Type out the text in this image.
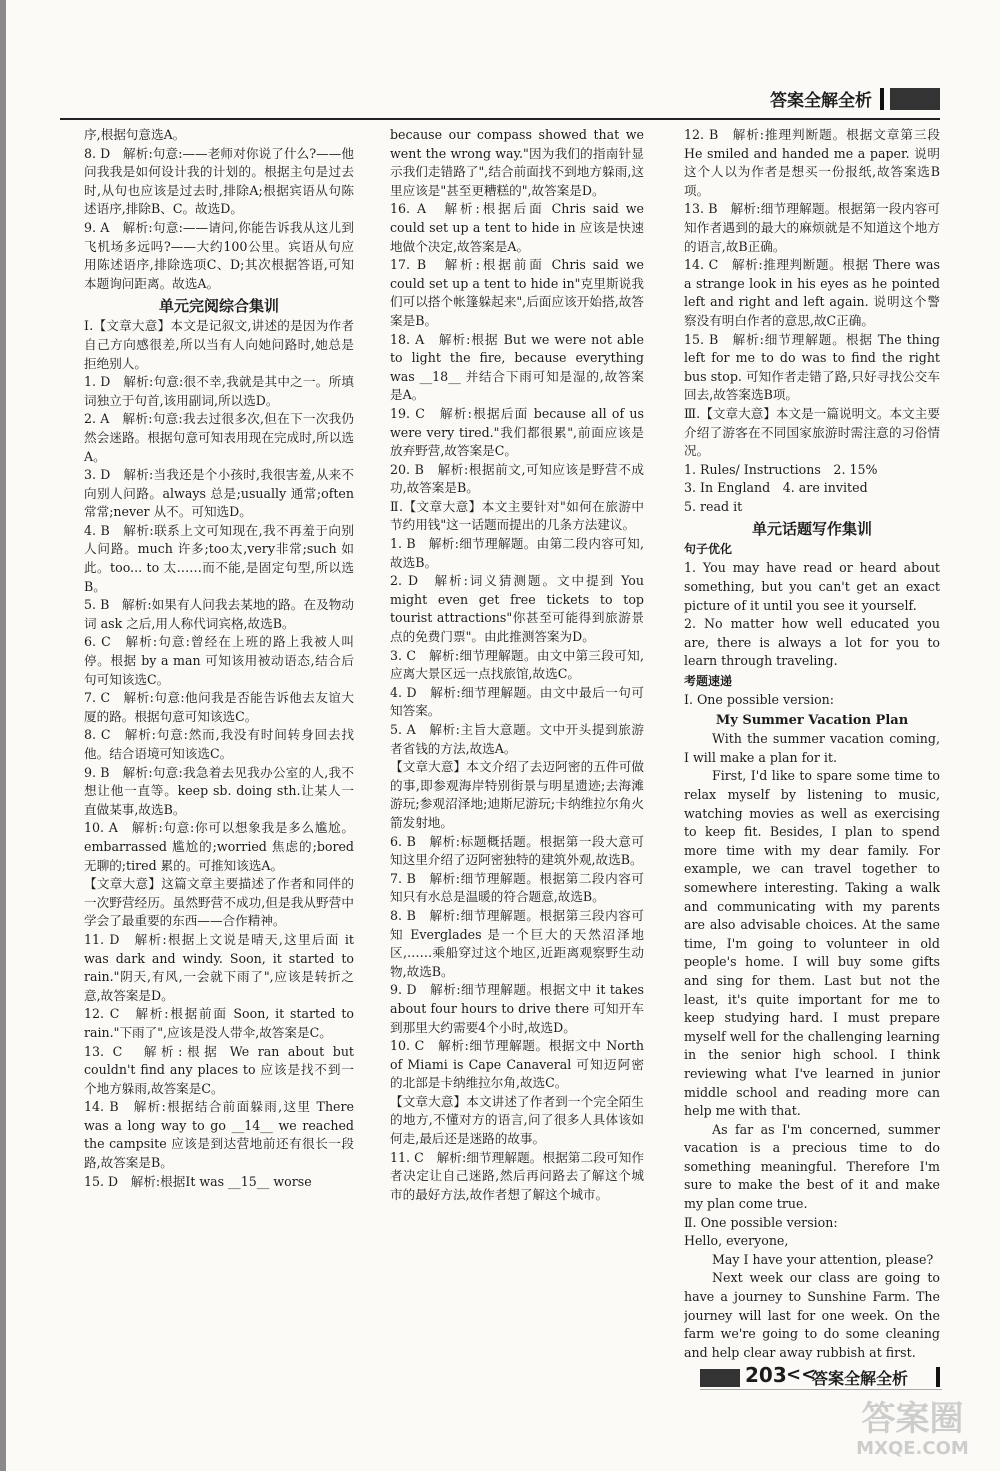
答案全解全析

序,根据句意选A。

8. D　解析:句意:——老师对你说了什么?——他问我我是如何设计我的计划的。根据主句是过去时,从句也应该是过去时,排除A;根据宾语从句陈述语序,排除B、C。故选D。

9. A　解析:句意:——请问,你能告诉我从这儿到飞机场多远吗?——大约100公里。宾语从句应用陈述语序,排除选项C、D;其次根据答语,可知本题询问距离。故选A。

单元完阅综合集训

Ⅰ.【文章大意】本文是记叙文,讲述的是因为作者自己方向感很差,所以当有人向她问路时,她总是拒绝别人。

1. D　解析:句意:很不幸,我就是其中之一。所填词独立于句首,该用副词,所以选D。

2. A　解析:句意:我去过很多次,但在下一次我仍然会迷路。根据句意可知表用现在完成时,所以选A。

3. D　解析:当我还是个小孩时,我很害羞,从来不向别人问路。always 总是;usually 通常;often 常常;never 从不。可知选D。

4. B　解析:联系上文可知现在,我不再羞于向别人问路。much 许多;too太,very非常;such 如此。too... to 太……而不能,是固定句型,所以选B。

5. B　解析:如果有人问我去某地的路。在及物动词 ask 之后,用人称代词宾格,故选B。

6. C　解析:句意:曾经在上班的路上我被人叫停。根据 by a man 可知该用被动语态,结合后句可知该选C。

7. C　解析:句意:他问我是否能告诉他去友谊大厦的路。根据句意可知该选C。

8. C　解析:句意:然而,我没有时间转身回去找他。结合语境可知该选C。

9. B　解析:句意:我急着去见我办公室的人,我不想让他一直等。keep sb. doing sth.让某人一直做某事,故选B。

10. A　解析:句意:你可以想象我是多么尴尬。embarrassed 尴尬的;worried 焦虑的;bored 无聊的;tired 累的。可推知该选A。

【文章大意】这篇文章主要描述了作者和同伴的一次野营经历。虽然野营不成功,但是我从野营中学会了最重要的东西——合作精神。

11. D　解析:根据上文说是晴天,这里后面 it was dark and windy. Soon, it started to rain."阴天,有风,一会就下雨了",应该是转折之意,故答案是D。

12. C　解析:根据前面 Soon, it started to rain."下雨了",应该是没人带伞,故答案是C。

13. C　解析:根据 We ran about but couldn't find any places to 应该是找不到一个地方躲雨,故答案是C。

14. B　解析:根据结合前面躲雨,这里 There was a long way to go __14__ we reached the campsite 应该是到达营地前还有很长一段路,故答案是B。

15. D　解析:根据It was __15__ worse

because our compass showed that we went the wrong way."因为我们的指南针显示我们走错路了",结合前面找不到地方躲雨,这里应该是"甚至更糟糕的",故答案是D。

16. A　解析:根据后面 Chris said we could set up a tent to hide in 应该是快速地做个决定,故答案是A。

17. B　解析:根据前面 Chris said we could set up a tent to hide in"克里斯说我们可以搭个帐篷躲起来",后面应该开始搭,故答案是B。

18. A　解析:根据 But we were not able to light the fire, because everything was __18__ 并结合下雨可知是湿的,故答案是A。

19. C　解析:根据后面 because all of us were very tired."我们都很累",前面应该是放弃野营,故答案是C。

20. B　解析:根据前文,可知应该是野营不成功,故答案是B。

Ⅱ.【文章大意】本文主要针对"如何在旅游中节约用钱"这一话题而提出的几条方法建议。

1. B　解析:细节理解题。由第二段内容可知,故选B。

2. D　解析:词义猜测题。文中提到 You might even get free tickets to top tourist attractions"你甚至可能得到旅游景点的免费门票"。由此推测答案为D。

3. C　解析:细节理解题。由文中第三段可知,应离大景区远一点找旅馆,故选C。

4. D　解析:细节理解题。由文中最后一句可知答案。

5. A　解析:主旨大意题。文中开头提到旅游者省钱的方法,故选A。

【文章大意】本文介绍了去迈阿密的五件可做的事,即参观海岸特别街景与明星遗迹;去海滩游玩;参观沼泽地;迪斯尼游玩;卡纳维拉尔角火箭发射地。

6. B　解析:标题概括题。根据第一段大意可知这里介绍了迈阿密独特的建筑外观,故选B。

7. B　解析:细节理解题。根据第二段内容可知只有水总是温暖的符合题意,故选B。

8. B　解析:细节理解题。根据第三段内容可知 Everglades 是一个巨大的天然沼泽地区,……乘船穿过这个地区,近距离观察野生动物,故选B。

9. D　解析:细节理解题。根据文中 it takes about four hours to drive there 可知开车到那里大约需要4个小时,故选D。

10. C　解析:细节理解题。根据文中 North of Miami is Cape Canaveral 可知迈阿密的北部是卡纳维拉尔角,故选C。

【文章大意】本文讲述了作者到一个完全陌生的地方,不懂对方的语言,问了很多人具体该如何走,最后还是迷路的故事。

11. C　解析:细节理解题。根据第二段可知作者决定让自己迷路,然后再问路去了解这个城市的最好方法,故作者想了解这个城市。

12. B　解析:推理判断题。根据文章第三段 He smiled and handed me a paper. 说明这个人以为作者是想买一份报纸,故答案选B项。

13. B　解析:细节理解题。根据第一段内容可知作者遇到的最大的麻烦就是不知道这个地方的语言,故B正确。

14. C　解析:推理判断题。根据 There was a strange look in his eyes as he pointed left and right and left again. 说明这个警察没有明白作者的意思,故C正确。

15. B　解析:细节理解题。根据 The thing left for me to do was to find the right bus stop. 可知作者走错了路,只好寻找公交车回去,故答案选B项。

Ⅲ.【文章大意】本文是一篇说明文。本文主要介绍了游客在不同国家旅游时需注意的习俗情况。

1. Rules/ Instructions　2. 15%

3. In England　4. are invited

5. read it

单元话题写作集训

句子优化

1. You may have read or heard about something, but you can't get an exact picture of it until you see it yourself.

2. No matter how well educated you are, there is always a lot for you to learn through traveling.

考题速递

Ⅰ. One possible version:

My Summer Vacation Plan

With the summer vacation coming, I will make a plan for it.

First, I'd like to spare some time to relax myself by listening to music, watching movies as well as exercising to keep fit. Besides, I plan to spend more time with my dear family. For example, we can travel together to somewhere interesting. Taking a walk and communicating with my parents are also advisable choices. At the same time, I'm going to volunteer in old people's home. I will buy some gifts and sing for them. Last but not the least, it's quite important for me to keep studying hard. I must prepare myself well for the challenging learning in the senior high school. I think reviewing what I've learned in junior middle school and reading more can help me with that.

As far as I'm concerned, summer vacation is a precious time to do something meaningful. Therefore I'm sure to make the best of it and make my plan come true.

Ⅱ. One possible version:

Hello, everyone,

May I have your attention, please?

Next week our class are going to have a journey to Sunshine Farm. The journey will last for one week. On the farm we're going to do some cleaning and help clear away rubbish at first.

203 <<
答案全解全析
答案圈
MXQE.COM
